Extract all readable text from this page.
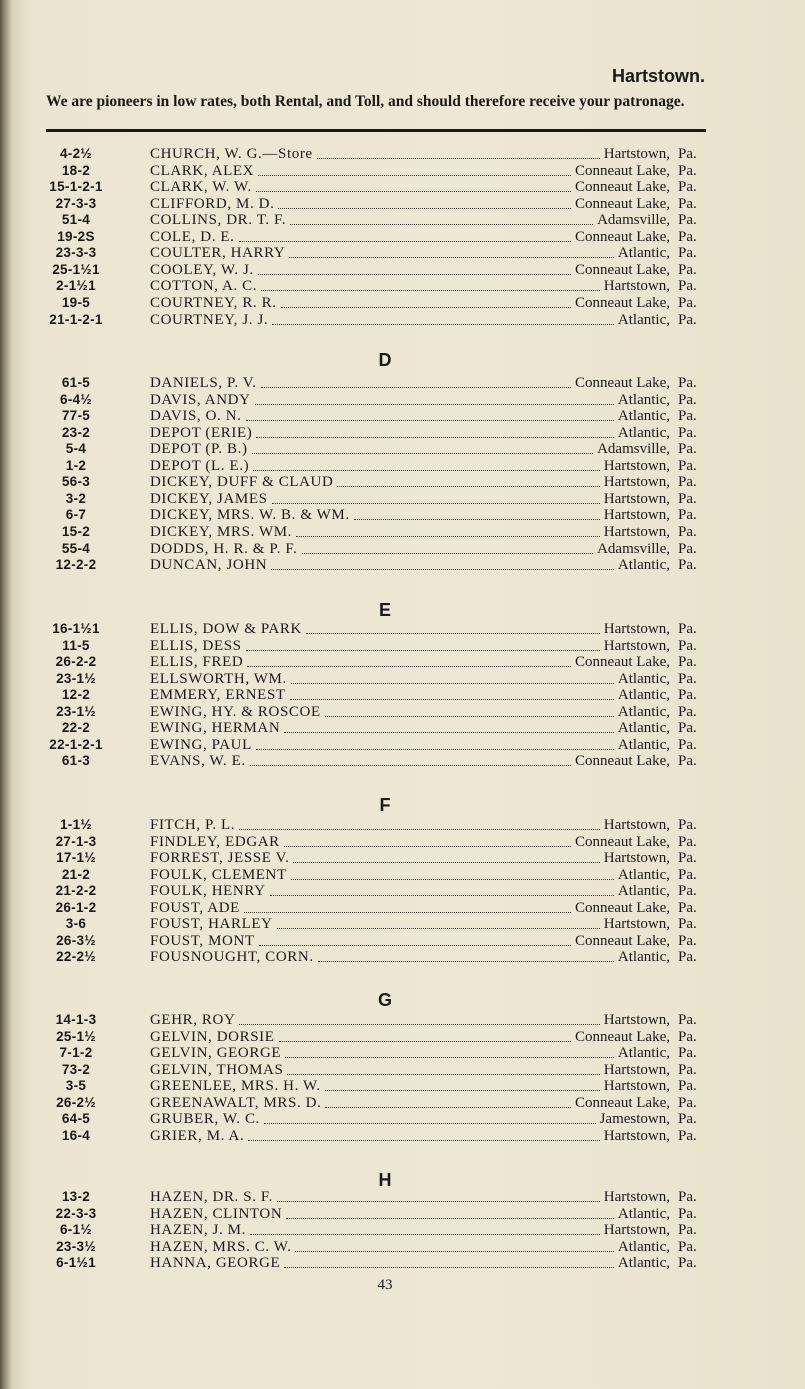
Hartstown.
We are pioneers in low rates, both Rental, and Toll, and should therefore receive your patronage.
4-2½	CHURCH, W. G.—Store	Hartstown, Pa.
18-2	CLARK, ALEX	Conneaut Lake, Pa.
15-1-2-1	CLARK, W. W.	Conneaut Lake, Pa.
27-3-3	CLIFFORD, M. D.	Conneaut Lake, Pa.
51-4	COLLINS, DR. T. F.	Adamsville, Pa.
19-2S	COLE, D. E.	Conneaut Lake, Pa.
23-3-3	COULTER, HARRY	Atlantic, Pa.
25-1½1	COOLEY, W. J.	Conneaut Lake, Pa.
2-1½1	COTTON, A. C.	Hartstown, Pa.
19-5	COURTNEY, R. R.	Conneaut Lake, Pa.
21-1-2-1	COURTNEY, J. J.	Atlantic, Pa.
D
61-5	DANIELS, P. V.	Conneaut Lake, Pa.
6-4½	DAVIS, ANDY	Atlantic, Pa.
77-5	DAVIS, O. N.	Atlantic, Pa.
23-2	DEPOT (ERIE)	Atlantic, Pa.
5-4	DEPOT (P. B.)	Adamsville, Pa.
1-2	DEPOT (L. E.)	Hartstown, Pa.
56-3	DICKEY, DUFF & CLAUD	Hartstown, Pa.
3-2	DICKEY, JAMES	Hartstown, Pa.
6-7	DICKEY, MRS. W. B. & WM.	Hartstown, Pa.
15-2	DICKEY, MRS. WM.	Hartstown, Pa.
55-4	DODDS, H. R. & P. F.	Adamsville, Pa.
12-2-2	DUNCAN, JOHN	Atlantic, Pa.
E
16-1½1	ELLIS, DOW & PARK	Hartstown, Pa.
11-5	ELLIS, DESS	Hartstown, Pa.
26-2-2	ELLIS, FRED	Conneaut Lake, Pa.
23-1½	ELLSWORTH, WM.	Atlantic, Pa.
12-2	EMMERY, ERNEST	Atlantic, Pa.
23-1½	EWING, HY. & ROSCOE	Atlantic, Pa.
22-2	EWING, HERMAN	Atlantic, Pa.
22-1-2-1	EWING, PAUL	Atlantic, Pa.
61-3	EVANS, W. E.	Conneaut Lake, Pa.
F
1-1½	FITCH, P. L.	Hartstown, Pa.
27-1-3	FINDLEY, EDGAR	Conneaut Lake, Pa.
17-1½	FORREST, JESSE V.	Hartstown, Pa.
21-2	FOULK, CLEMENT	Atlantic, Pa.
21-2-2	FOULK, HENRY	Atlantic, Pa.
26-1-2	FOUST, ADE	Conneaut Lake, Pa.
3-6	FOUST, HARLEY	Hartstown, Pa.
26-3½	FOUST, MONT	Conneaut Lake, Pa.
22-2½	FOUSNOUGHT, CORN.	Atlantic, Pa.
G
14-1-3	GEHR, ROY	Hartstown, Pa.
25-1½	GELVIN, DORSIE	Conneaut Lake, Pa.
7-1-2	GELVIN, GEORGE	Atlantic, Pa.
73-2	GELVIN, THOMAS	Hartstown, Pa.
3-5	GREENLEE, MRS. H. W.	Hartstown, Pa.
26-2½	GREENAWALT, MRS. D.	Conneaut Lake, Pa.
64-5	GRUBER, W. C.	Jamestown, Pa.
16-4	GRIER, M. A.	Hartstown, Pa.
H
13-2	HAZEN, DR. S. F.	Hartstown, Pa.
22-3-3	HAZEN, CLINTON	Atlantic, Pa.
6-1½	HAZEN, J. M.	Hartstown, Pa.
23-3½	HAZEN, MRS. C. W.	Atlantic, Pa.
6-1½1	HANNA, GEORGE	Atlantic, Pa.
43
